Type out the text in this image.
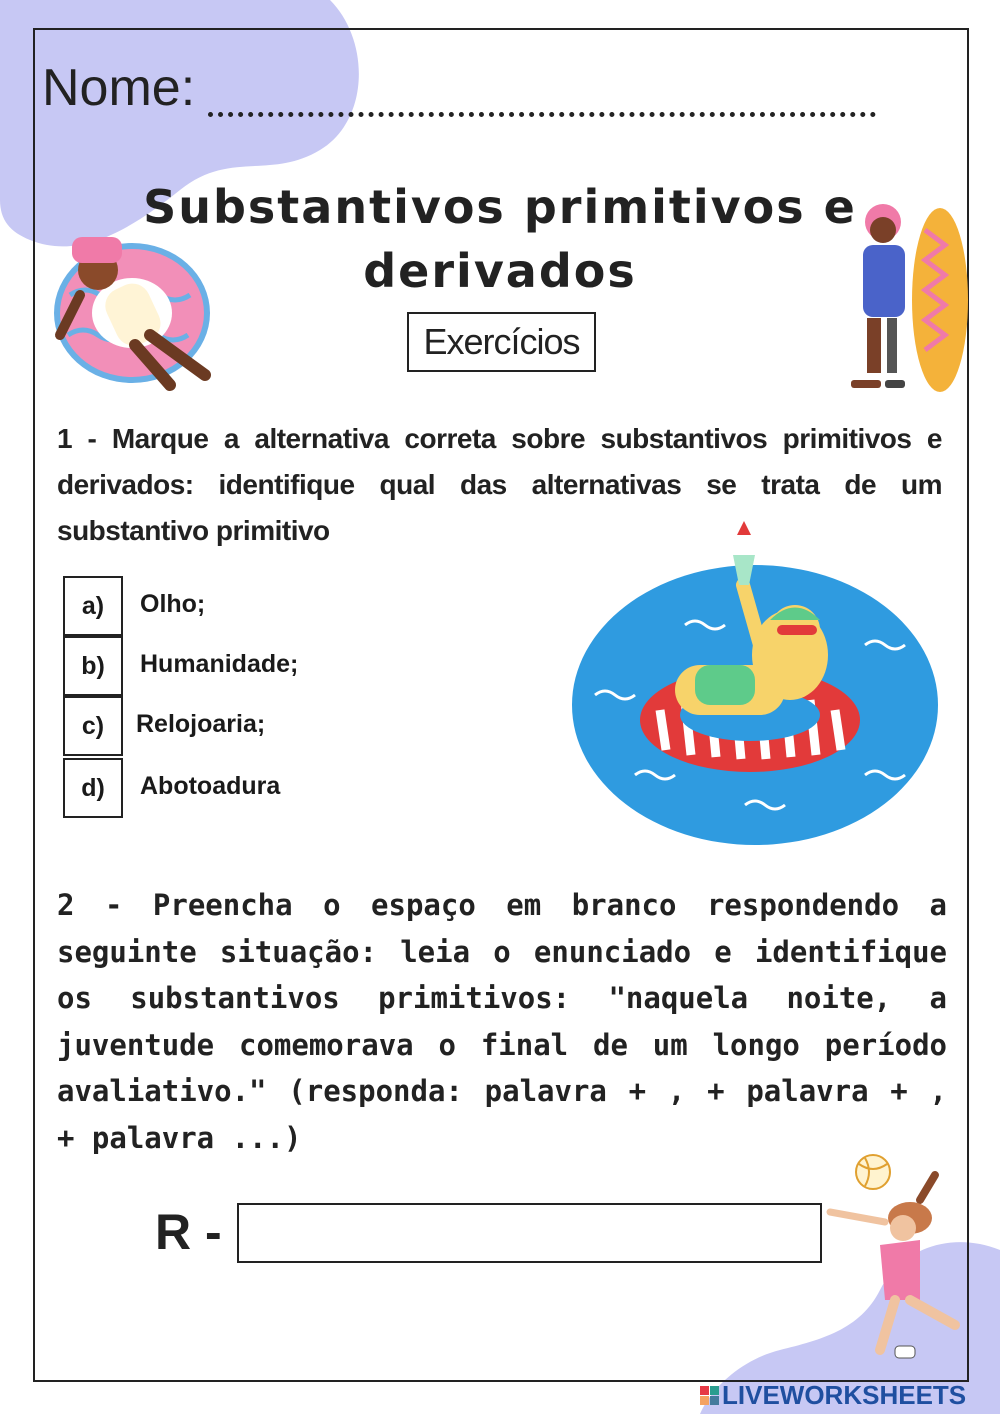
Nome:
Substantivos primitivos e
derivados
Exercícios
1 - Marque a alternativa correta sobre substantivos primitivos e derivados: identifique qual das alternativas se trata de um substantivo primitivo
a)	Olho;
b)	Humanidade;
c)	Relojoaria;
d)	Abotoadura
2 - Preencha o espaço em branco respondendo a seguinte situação: leia o enunciado e identifique os substantivos primitivos: "naquela noite, a juventude comemorava o final de um longo período avaliativo." (responda: palavra + , + palavra + , + palavra ...)
R -
LIVEWORKSHEETS
